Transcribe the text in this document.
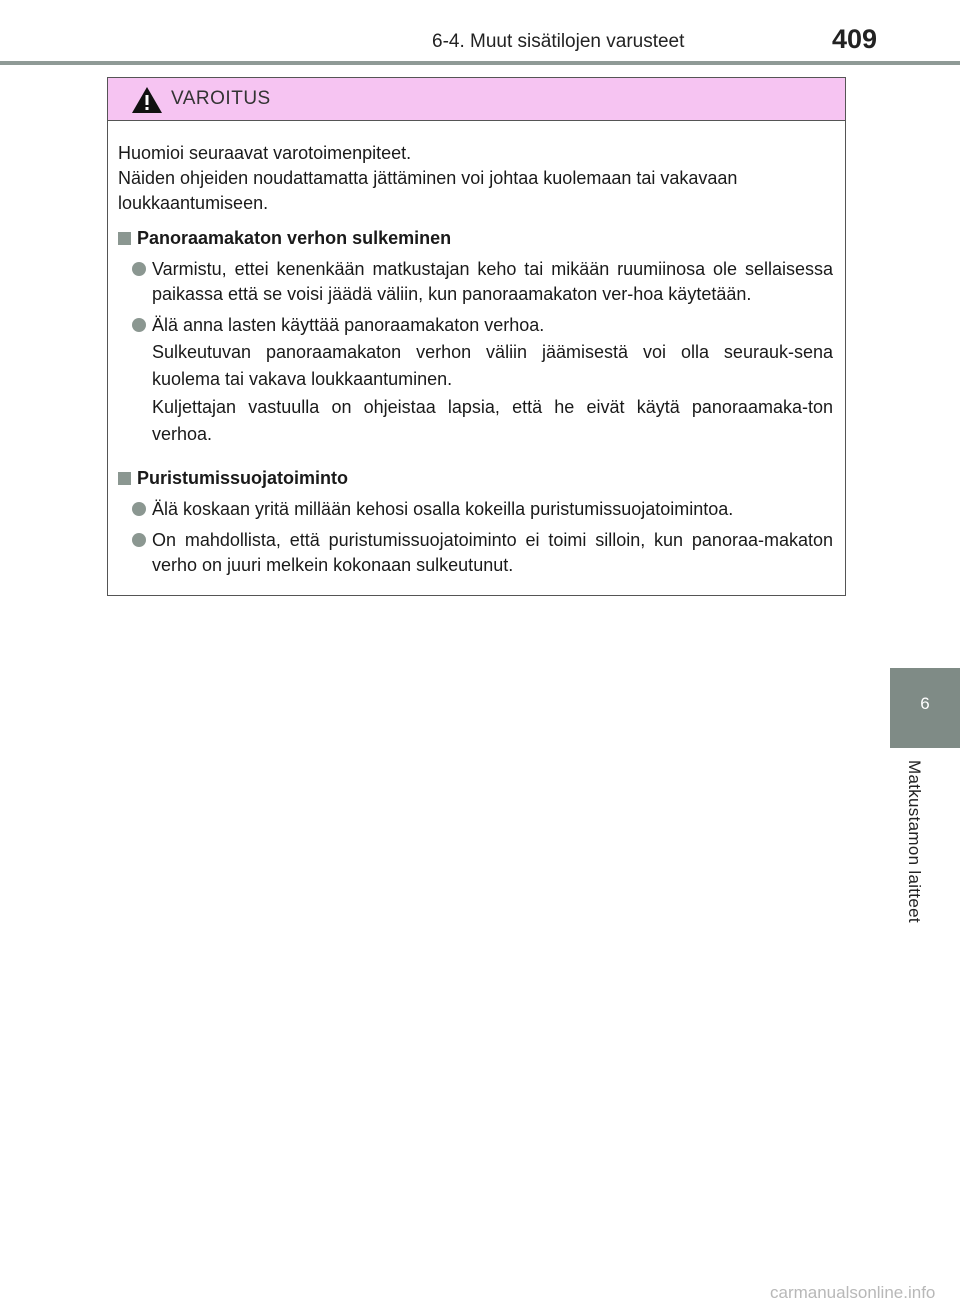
6-4. Muut sisätilojen varusteet	409
VAROITUS

Huomioi seuraavat varotoimenpiteet.

Näiden ohjeiden noudattamatta jättäminen voi johtaa kuolemaan tai vakavaan loukkaantumiseen.

Panoraamakaton verhon sulkeminen

Varmistu, ettei kenenkään matkustajan keho tai mikään ruumiinosa ole sellaisessa paikassa että se voisi jäädä väliin, kun panoraamakaton ver-hoa käytetään.

Älä anna lasten käyttää panoraamakaton verhoa.

Sulkeutuvan panoraamakaton verhon väliin jäämisestä voi olla seurauk-sena kuolema tai vakava loukkaantuminen.

Kuljettajan vastuulla on ohjeistaa lapsia, että he eivät käytä panoraamaka-ton verhoa.

Puristumissuojatoiminto

Älä koskaan yritä millään kehosi osalla kokeilla puristumissuojatoimintoa.

On mahdollista, että puristumissuojatoiminto ei toimi silloin, kun panoraa-makaton verho on juuri melkein kokonaan sulkeutunut.

6
Matkustamon laitteet
carmanualsonline.info
